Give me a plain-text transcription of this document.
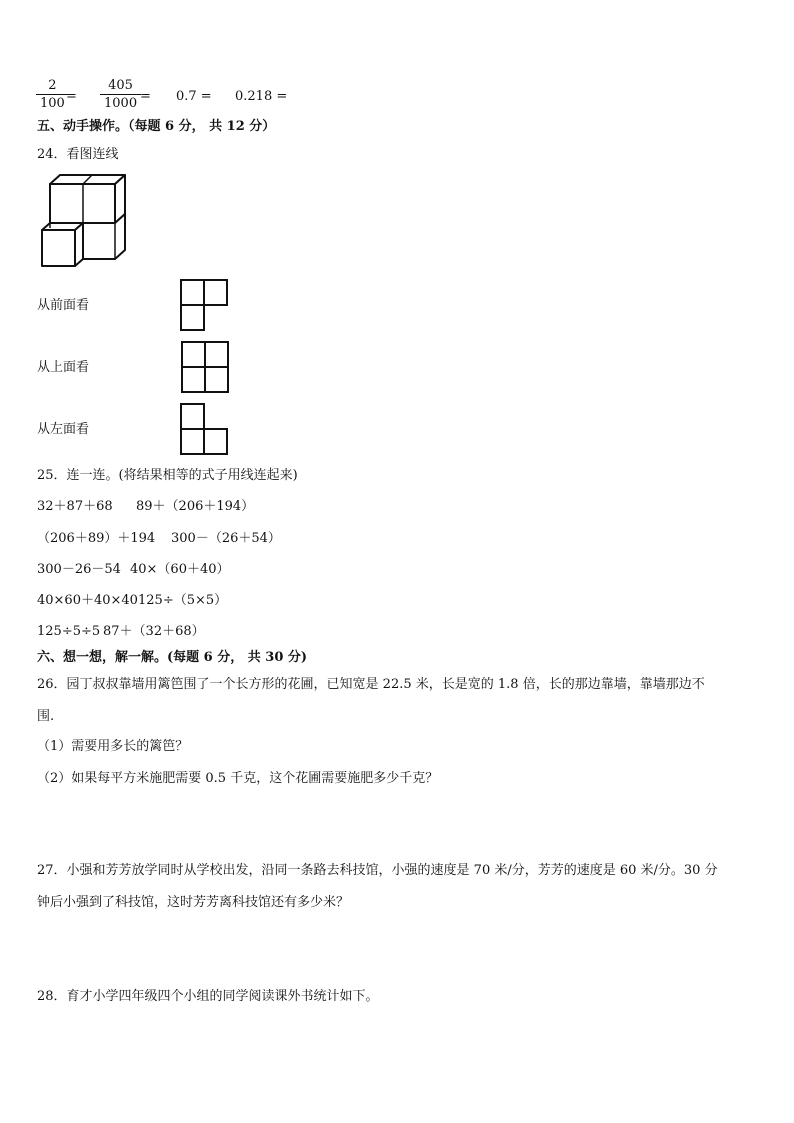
2
100 =
405
1000 = 0.7 = 0.218 =
五、动手操作。（每题 6 分， 共 12 分）
24．看图连线
从前面看
从上面看
从左面看
25．连一连。(将结果相等的式子用线连起来)
32＋87＋68 89＋（206＋194）
（206＋89）＋194 300－（26＋54）
300－26－54 40×（60＋40）
40×60＋40×40 125÷（5×5）
125÷5÷5 87＋（32＋68）
六、想一想，解一解。(每题 6 分， 共 30 分)
26．园丁叔叔靠墙用篱笆围了一个长方形的花圃，已知宽是 22.5 米，长是宽的 1.8 倍，长的那边靠墙，靠墙那边不
围.
（1）需要用多长的篱笆？
（2）如果每平方米施肥需要 0.5 千克，这个花圃需要施肥多少千克？
27．小强和芳芳放学同时从学校出发，沿同一条路去科技馆，小强的速度是 70 米/分，芳芳的速度是 60 米/分。30 分
钟后小强到了科技馆，这时芳芳离科技馆还有多少米？
28．育才小学四年级四个小组的同学阅读课外书统计如下。
